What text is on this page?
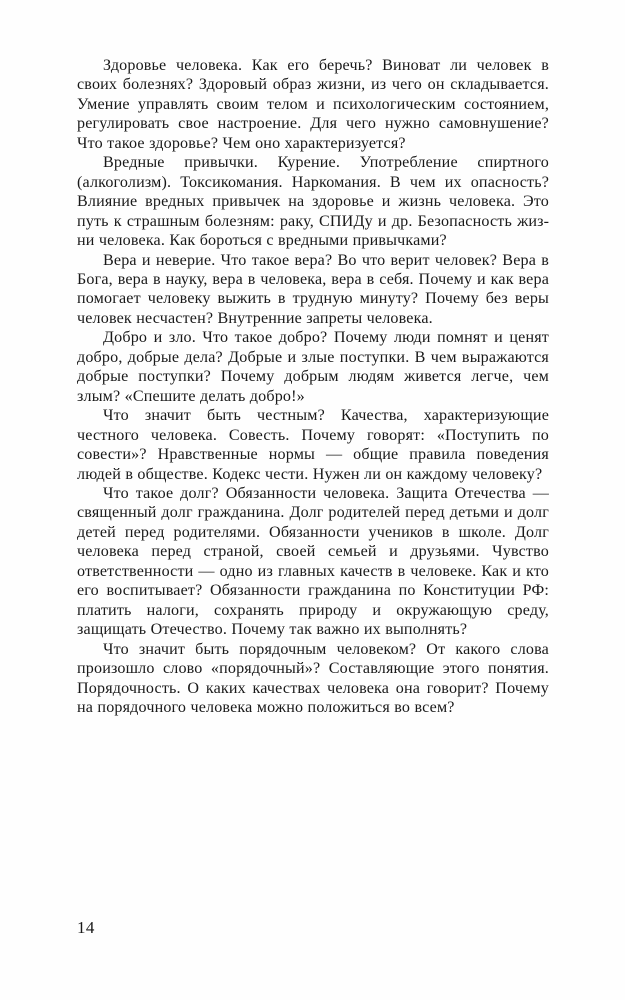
Здоровье человека. Как его беречь? Виноват ли человек в своих болезнях? Здоровый образ жизни, из чего он складывается. Умение управлять своим телом и психологическим состоянием, регулировать свое настроение. Для чего нужно самовнушение? Что такое здоровье? Чем оно характеризуется?

Вредные привычки. Курение. Употребление спиртного (алкоголизм). Токсикомания. Наркомания. В чем их опасность? Влияние вредных привычек на здоровье и жизнь человека. Это путь к страшным болезням: раку, СПИДу и др. Безопасность жизни человека. Как бороться с вредными привычками?

Вера и неверие. Что такое вера? Во что верит человек? Вера в Бога, вера в науку, вера в человека, вера в себя. Почему и как вера помогает человеку выжить в трудную минуту? Почему без веры человек несчастен? Внутренние запреты человека.

Добро и зло. Что такое добро? Почему люди помнят и ценят добро, добрые дела? Добрые и злые поступки. В чем выражаются добрые поступки? Почему добрым людям живется легче, чем злым? «Спешите делать добро!»

Что значит быть честным? Качества, характеризующие честного человека. Совесть. Почему говорят: «Поступить по совести»? Нравственные нормы — общие правила поведения людей в обществе. Кодекс чести. Нужен ли он каждому человеку?

Что такое долг? Обязанности человека. Защита Отечества — священный долг гражданина. Долг родителей перед детьми и долг детей перед родителями. Обязанности учеников в школе. Долг человека перед страной, своей семьей и друзьями. Чувство ответственности — одно из главных качеств в человеке. Как и кто его воспитывает? Обязанности гражданина по Конституции РФ: платить налоги, сохранять природу и окружающую среду, защищать Отечество. Почему так важно их выполнять?

Что значит быть порядочным человеком? От какого слова произошло слово «порядочный»? Составляющие этого понятия. Порядочность. О каких качествах человека она говорит? Почему на порядочного человека можно положиться во всем?

14
